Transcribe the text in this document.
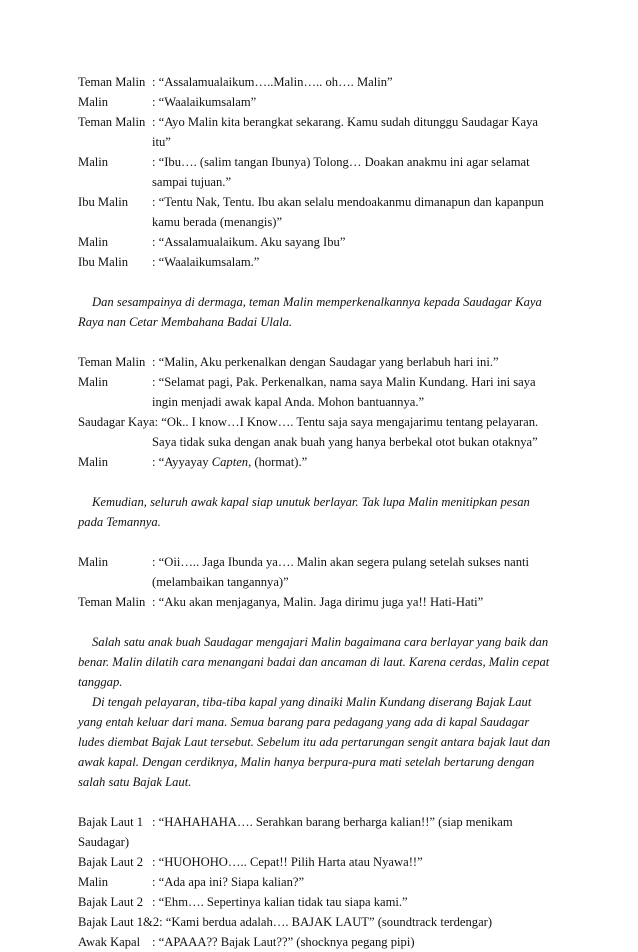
Teman Malin : “Assalamualaikum…..Malin….. oh…. Malin”
Malin	: “Waalaikumsalam”
Teman Malin : “Ayo Malin kita berangkat sekarang. Kamu sudah ditunggu Saudagar Kaya
itu”
Malin	: “Ibu…. (salim tangan Ibunya) Tolong… Doakan anakmu ini agar selamat
sampai tujuan.”
Ibu Malin : “Tentu Nak, Tentu. Ibu akan selalu mendoakanmu dimanapun dan kapanpun
kamu berada (menangis)”
Malin	: “Assalamualaikum. Aku sayang Ibu”
Ibu Malin : “Waalaikumsalam.”
Dan sesampainya di dermaga, teman Malin memperkenalkannya kepada Saudagar Kaya
Raya nan Cetar Membahana Badai Ulala.
Teman Malin : “Malin, Aku perkenalkan dengan Saudagar yang berlabuh hari ini.”
Malin	: “Selamat pagi, Pak. Perkenalkan, nama saya Malin Kundang. Hari ini saya
ingin menjadi awak kapal Anda. Mohon bantuannya.”
Saudagar Kaya: “Ok.. I know…I Know…. Tentu saja saya mengajarimu tentang pelayaran.
Saya tidak suka dengan anak buah yang hanya berbekal otot bukan otaknya”
Malin	: “Ayyayay Capten, (hormat).”
Kemudian, seluruh awak kapal siap unutuk berlayar. Tak lupa Malin menitipkan pesan
pada Temannya.
Malin	: “Oii….. Jaga Ibunda ya…. Malin akan segera pulang setelah sukses nanti
(melambaikan tangannya)”
Teman Malin : “Aku akan menjaganya, Malin. Jaga dirimu juga ya!! Hati-Hati”
Salah satu anak buah Saudagar mengajari Malin bagaimana cara berlayar yang baik dan
benar. Malin dilatih cara menangani badai dan ancaman di laut. Karena cerdas, Malin cepat
tanggap.
Di tengah pelayaran, tiba-tiba kapal yang dinaiki Malin Kundang diserang Bajak Laut
yang entah keluar dari mana. Semua barang para pedagang yang ada di kapal Saudagar
ludes diembat Bajak Laut tersebut. Sebelum itu ada pertarungan sengit antara bajak laut dan
awak kapal. Dengan cerdiknya, Malin hanya berpura-pura mati setelah bertarung dengan
salah satu Bajak Laut.
Bajak Laut 1 : “HAHAHAHA…. Serahkan barang berharga kalian!!” (siap menikam
Saudagar)
Bajak Laut 2 : “HUOHOHO….. Cepat!! Pilih Harta atau Nyawa!!”
Malin	: “Ada apa ini? Siapa kalian?”
Bajak Laut 2 : “Ehm…. Sepertinya kalian tidak tau siapa kami.”
Bajak Laut 1&2: “Kami berdua adalah…. BAJAK LAUT” (soundtrack terdengar)
Awak Kapal : “APAAA?? Bajak Laut??” (shocknya pegang pipi)
